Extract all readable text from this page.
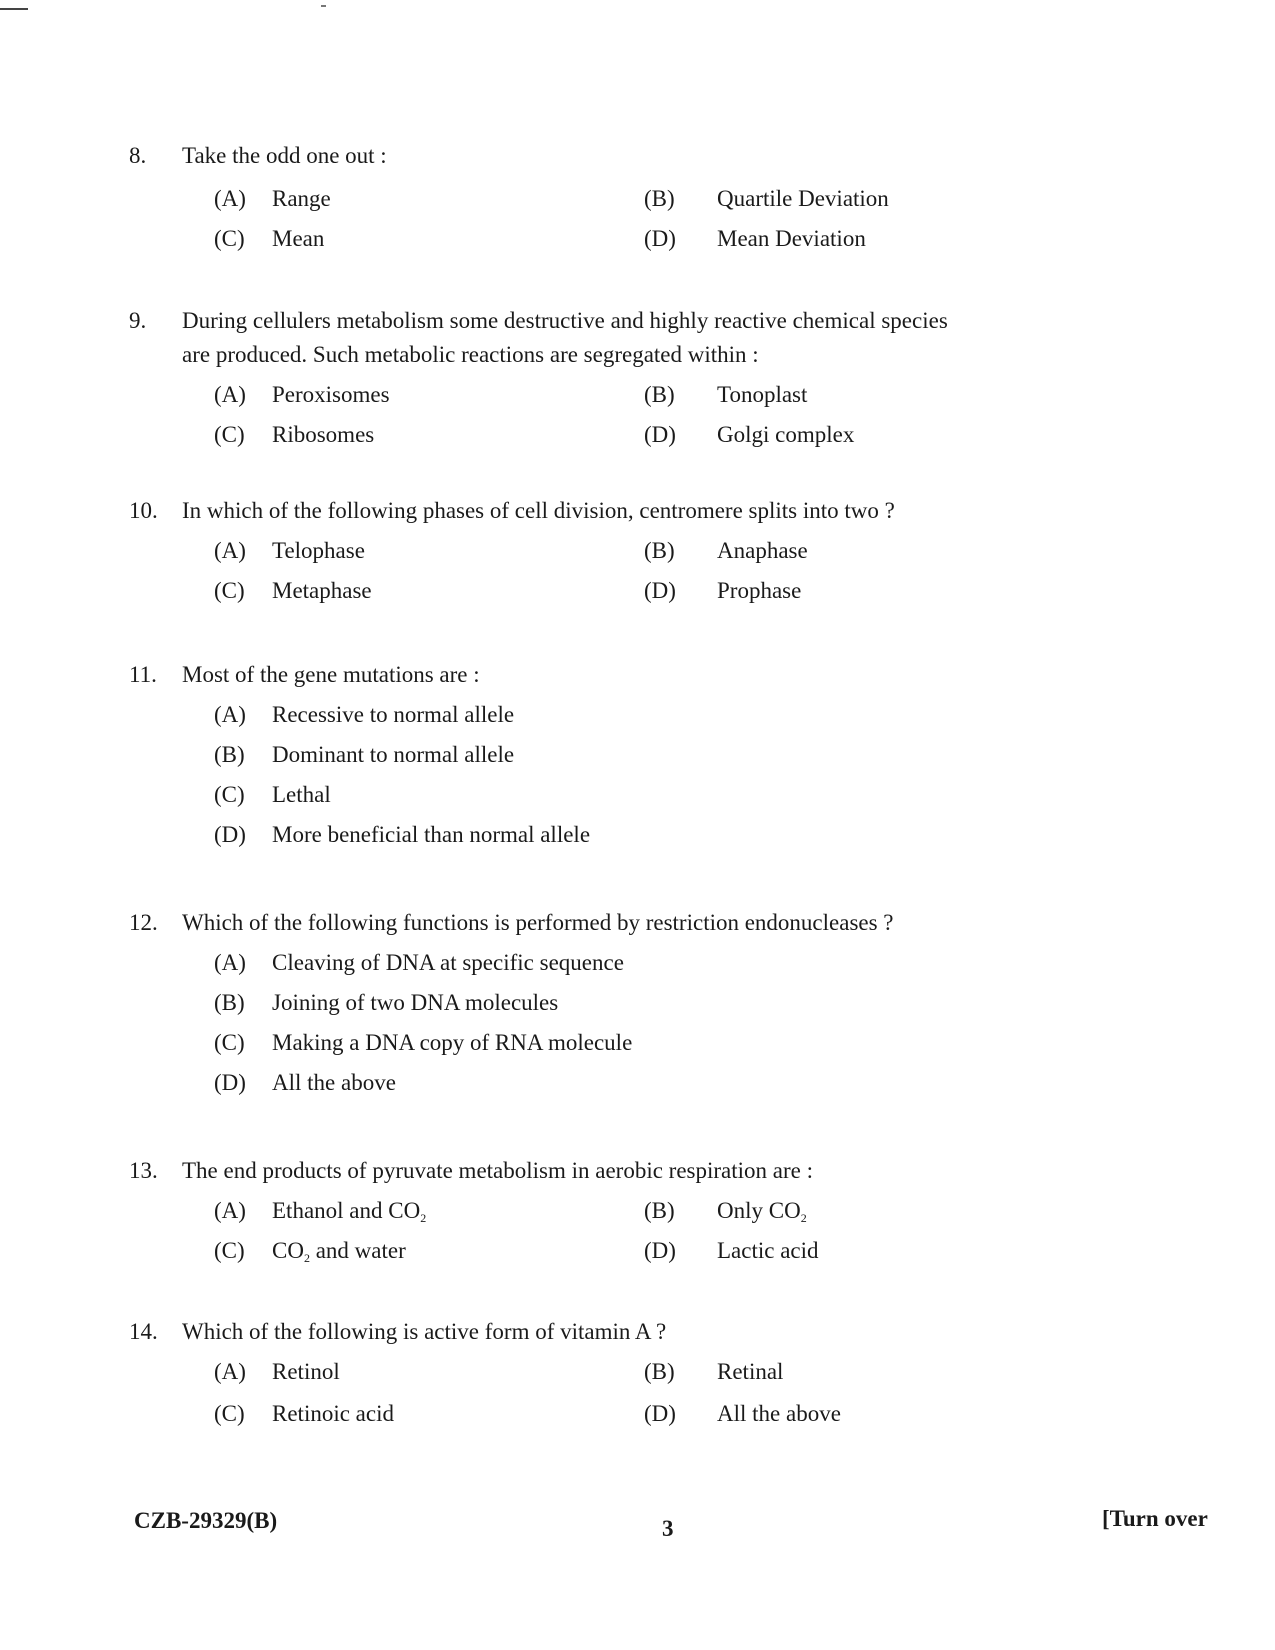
8. Take the odd one out :
(A) Range	(B) Quartile Deviation
(C) Mean	(D) Mean Deviation
9. During cellulers metabolism some destructive and highly reactive chemical species
are produced. Such metabolic reactions are segregated within :
(A) Peroxisomes	(B) Tonoplast
(C) Ribosomes	(D) Golgi complex
10. In which of the following phases of cell division, centromere splits into two ?
(A) Telophase	(B) Anaphase
(C) Metaphase	(D) Prophase
11. Most of the gene mutations are :
(A) Recessive to normal allele
(B) Dominant to normal allele
(C) Lethal
(D) More beneficial than normal allele
12. Which of the following functions is performed by restriction endonucleases ?
(A) Cleaving of DNA at specific sequence
(B) Joining of two DNA molecules
(C) Making a DNA copy of RNA molecule
(D) All the above
13. The end products of pyruvate metabolism in aerobic respiration are :
(A) Ethanol and $CO_2$	(B) Only $CO_2$
(C) $CO_2$ and water	(D) Lactic acid
14. Which of the following is active form of vitamin A ?
(A) Retinol	(B) Retinal
(C) Retinoic acid	(D) All the above
CZB-29329(B)	3	[Turn over
